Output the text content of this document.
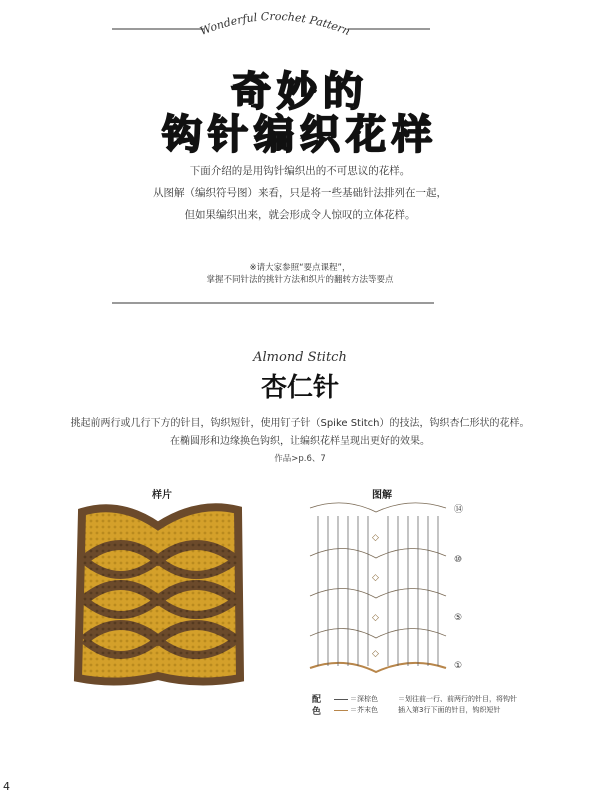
Wonderful Crochet Pattern
奇妙的
钩针编织花样
下面介绍的是用钩针编织出的不可思议的花样。
从图解（编织符号图）来看，只是将一些基础针法排列在一起，
但如果编织出来，就会形成令人惊叹的立体花样。
※请大家参照“要点课程”，
掌握不同针法的挑针方法和织片的翻转方法等要点
Almond Stitch
杏仁针
挑起前两行或几行下方的针目，钩织短针，使用钉子针（Spike Stitch）的技法，钩织杏仁形状的花样。
在椭圆形和边缘换色钩织，让编织花样呈现出更好的效果。
作品>p.6、7
样片	图解
◇
◇
◇
◇
⑭
⑩
⑤
①
配
色
＝深棕色
＝芥末色
＝划往前一行、前两行的针目，将钩针
插入第3行下面的针目，钩织短针
4
